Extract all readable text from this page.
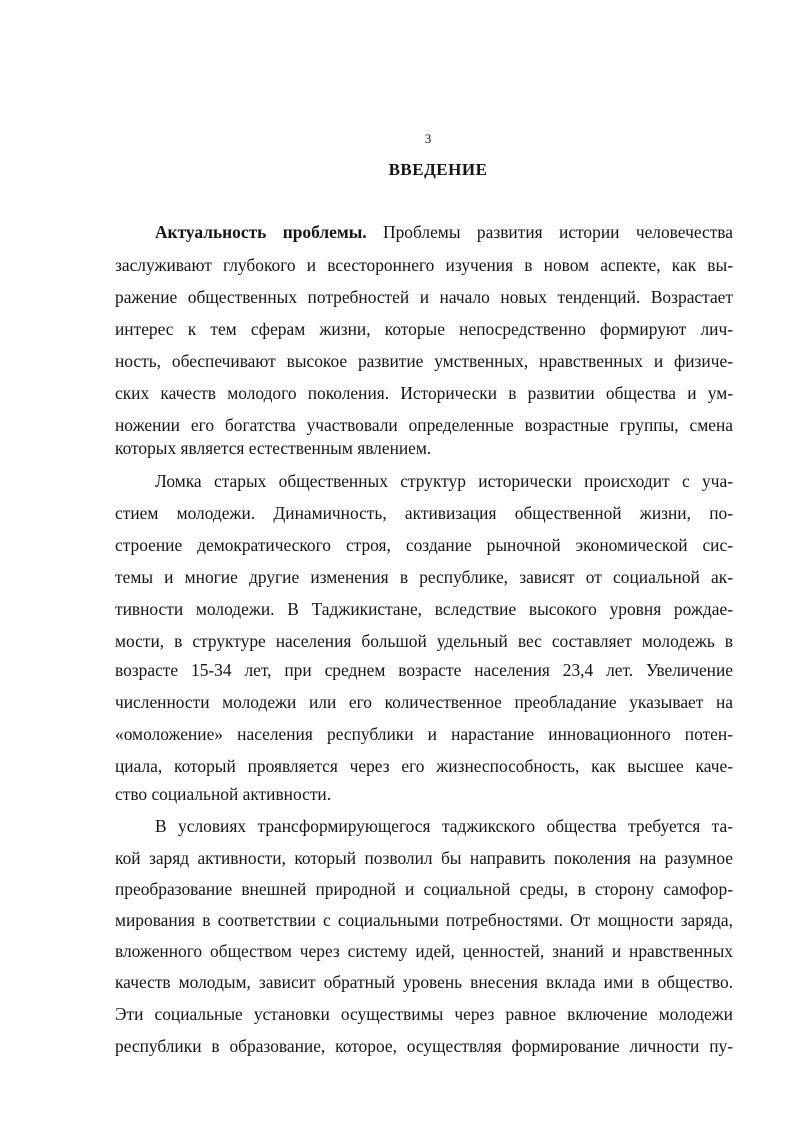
3
ВВЕДЕНИЕ
Актуальность проблемы. Проблемы развития истории человечества
заслуживают глубокого и всестороннего изучения в новом аспекте, как вы-
ражение общественных потребностей и начало новых тенденций. Возрастает
интерес к тем сферам жизни, которые непосредственно формируют лич-
ность, обеспечивают высокое развитие умственных, нравственных и физиче-
ских качеств молодого поколения. Исторически в развитии общества и ум-
ножении его богатства участвовали определенные возрастные группы, смена
которых является естественным явлением.
Ломка старых общественных структур исторически происходит с уча-
стием молодежи. Динамичность, активизация общественной жизни, по-
строение демократического строя, создание рыночной экономической сис-
темы и многие другие изменения в республике, зависят от социальной ак-
тивности молодежи. В Таджикистане, вследствие высокого уровня рождае-
мости, в структуре населения большой удельный вес составляет молодежь в
возрасте 15-34 лет, при среднем возрасте населения 23,4 лет. Увеличение
численности молодежи или его количественное преобладание указывает на
«омоложение» населения республики и нарастание инновационного потен-
циала, который проявляется через его жизнеспособность, как высшее каче-
ство социальной активности.
В условиях трансформирующегося таджикского общества требуется та-
кой заряд активности, который позволил бы направить поколения на разумное
преобразование внешней природной и социальной среды, в сторону самофор-
мирования в соответствии с социальными потребностями. От мощности заряда,
вложенного обществом через систему идей, ценностей, знаний и нравственных
качеств молодым, зависит обратный уровень внесения вклада ими в общество.
Эти социальные установки осуществимы через равное включение молодежи
республики в образование, которое, осуществляя формирование личности пу-
